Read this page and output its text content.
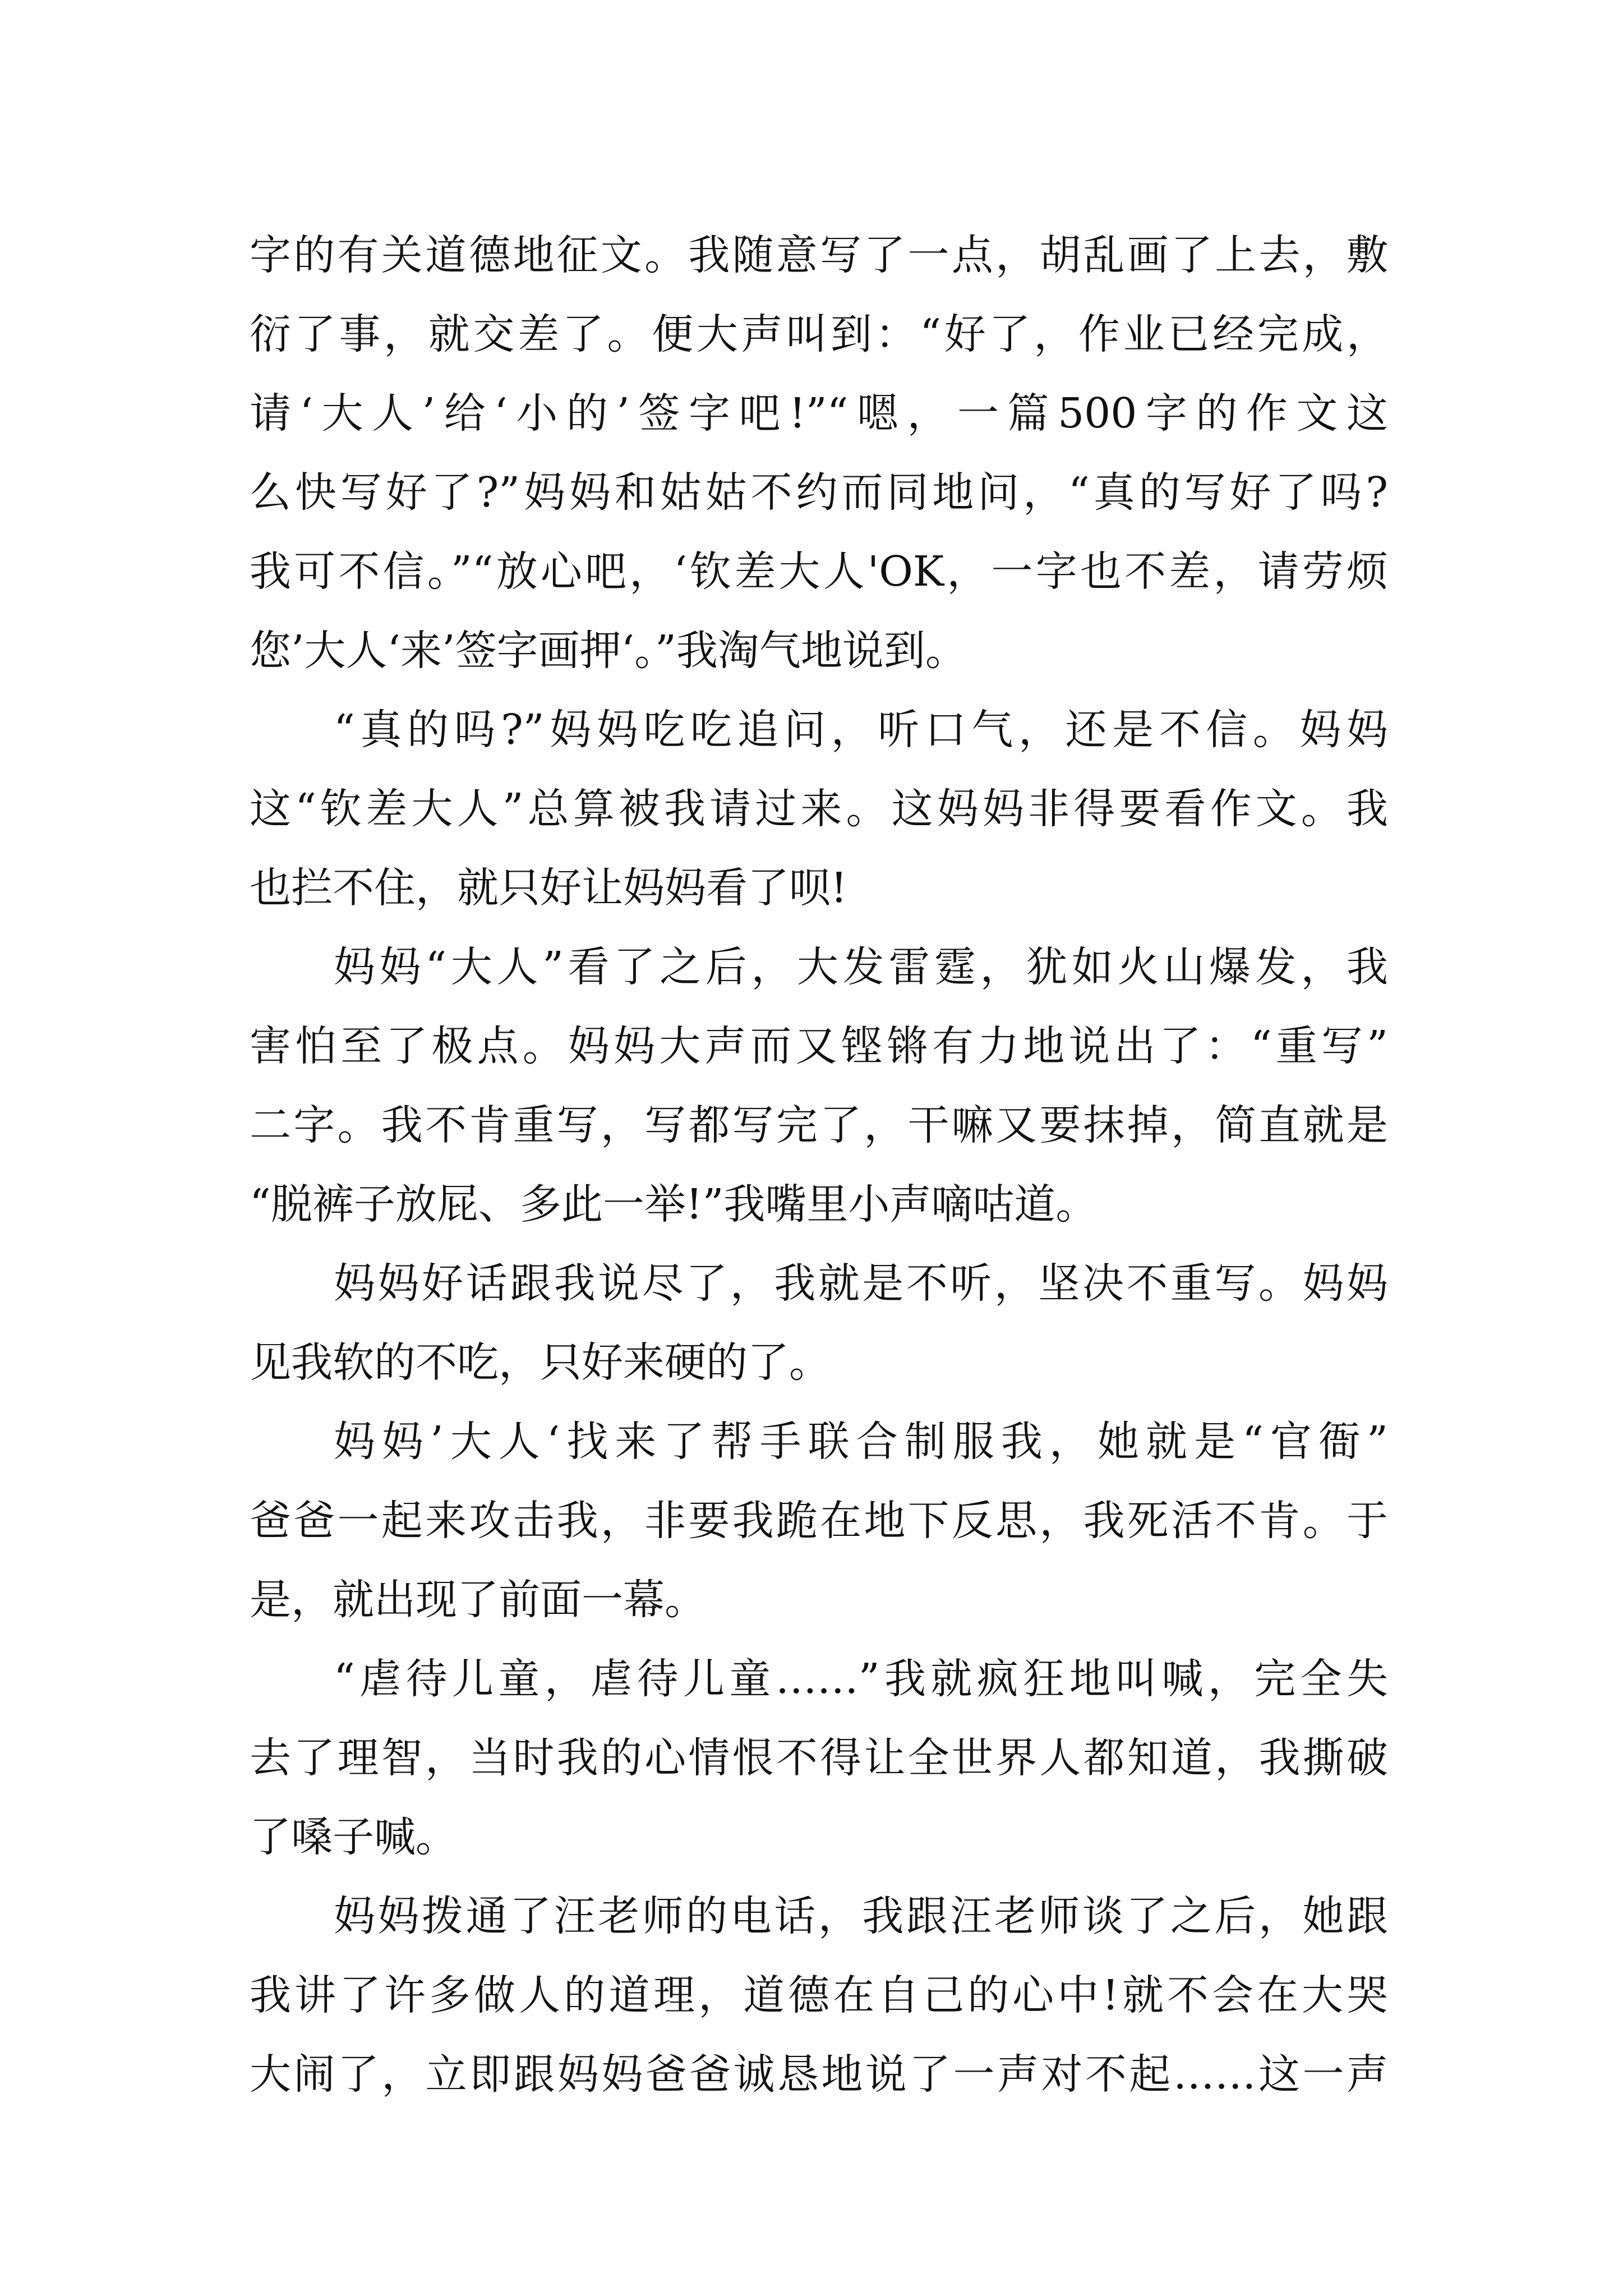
字的有关道德地征文。我随意写了一点，胡乱画了上去，敷
衍了事，就交差了。便大声叫到：“好了，作业已经完成，
请‘大人’给‘小的’签字吧!”“嗯，一篇500字的作文这
么快写好了?”妈妈和姑姑不约而同地问，“真的写好了吗?
我可不信。”“放心吧，‘钦差大人'OK，一字也不差，请劳烦
您’大人‘来’签字画押‘。”我淘气地说到。
“真的吗?”妈妈吃吃追问，听口气，还是不信。妈妈
这“钦差大人”总算被我请过来。这妈妈非得要看作文。我
也拦不住，就只好让妈妈看了呗!
妈妈“大人”看了之后，大发雷霆，犹如火山爆发，我
害怕至了极点。妈妈大声而又铿锵有力地说出了：“重写”
二字。我不肯重写，写都写完了，干嘛又要抹掉，简直就是
“脱裤子放屁、多此一举!”我嘴里小声嘀咕道。
妈妈好话跟我说尽了，我就是不听，坚决不重写。妈妈
见我软的不吃，只好来硬的了。
妈妈’大人‘找来了帮手联合制服我，她就是“官衙”
爸爸一起来攻击我，非要我跪在地下反思，我死活不肯。于
是，就出现了前面一幕。
“虐待儿童，虐待儿童……”我就疯狂地叫喊，完全失
去了理智，当时我的心情恨不得让全世界人都知道，我撕破
了嗓子喊。
妈妈拨通了汪老师的电话，我跟汪老师谈了之后，她跟
我讲了许多做人的道理，道德在自己的心中!就不会在大哭
大闹了，立即跟妈妈爸爸诚恳地说了一声对不起……这一声
